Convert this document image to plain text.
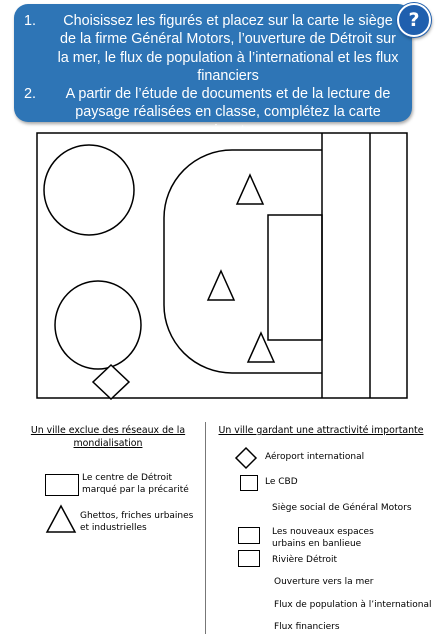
1.	Choisissez les figurés et placez sur la carte le siège de la firme Général Motors, l’ouverture de Détroit sur la mer, le flux de population à l’international et les flux financiers
2.	A partir de l’étude de documents et de la lecture de paysage réalisées en classe, complétez la carte suivante.
?
Un ville exclue des réseaux de la mondialisation
Un ville gardant une attractivité importante
Le centre de Détroit marqué par la précarité
Ghettos, friches urbaines et industrielles
Aéroport international
Le CBD
Siège social de Général Motors
Les nouveaux espaces urbains en banlieue
Rivière Détroit
Ouverture vers la mer
Flux de population à l’international
Flux financiers
